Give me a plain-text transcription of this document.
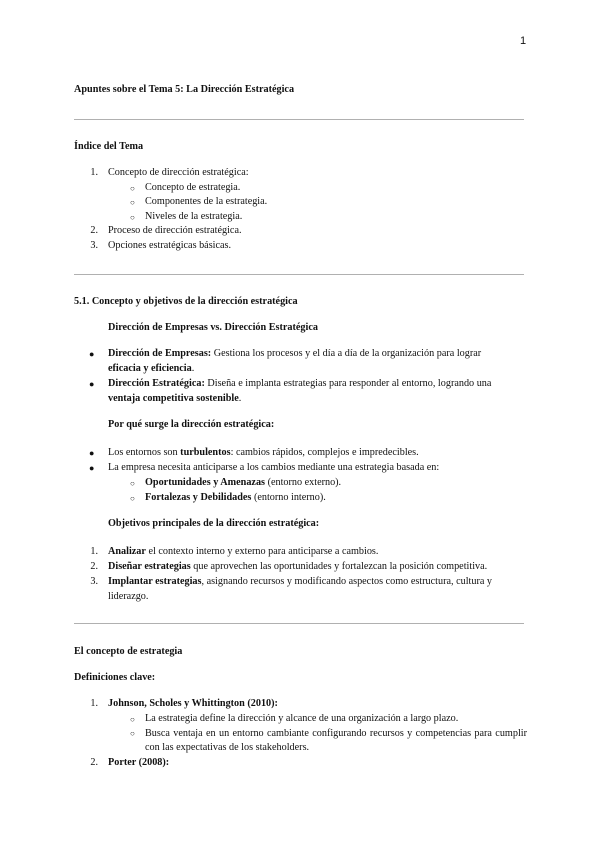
1
Apuntes sobre el Tema 5: La Dirección Estratégica
Índice del Tema
1. Concepto de dirección estratégica:
○ Concepto de estrategia.
○ Componentes de la estrategia.
○ Niveles de la estrategia.
2. Proceso de dirección estratégica.
3. Opciones estratégicas básicas.
5.1. Concepto y objetivos de la dirección estratégica
Dirección de Empresas vs. Dirección Estratégica
● Dirección de Empresas: Gestiona los procesos y el día a día de la organización para lograr
eficacia y eficiencia.
● Dirección Estratégica: Diseña e implanta estrategias para responder al entorno, logrando una
ventaja competitiva sostenible.
Por qué surge la dirección estratégica:
● Los entornos son turbulentos: cambios rápidos, complejos e impredecibles.
● La empresa necesita anticiparse a los cambios mediante una estrategia basada en:
○ Oportunidades y Amenazas (entorno externo).
○ Fortalezas y Debilidades (entorno interno).
Objetivos principales de la dirección estratégica:
1. Analizar el contexto interno y externo para anticiparse a cambios.
2. Diseñar estrategias que aprovechen las oportunidades y fortalezcan la posición competitiva.
3. Implantar estrategias, asignando recursos y modificando aspectos como estructura, cultura y liderazgo.
El concepto de estrategia
Definiciones clave:
1. Johnson, Scholes y Whittington (2010):
○ La estrategia define la dirección y alcance de una organización a largo plazo.
○ Busca ventaja en un entorno cambiante configurando recursos y competencias para cumplir con las expectativas de los stakeholders.
2. Porter (2008):
